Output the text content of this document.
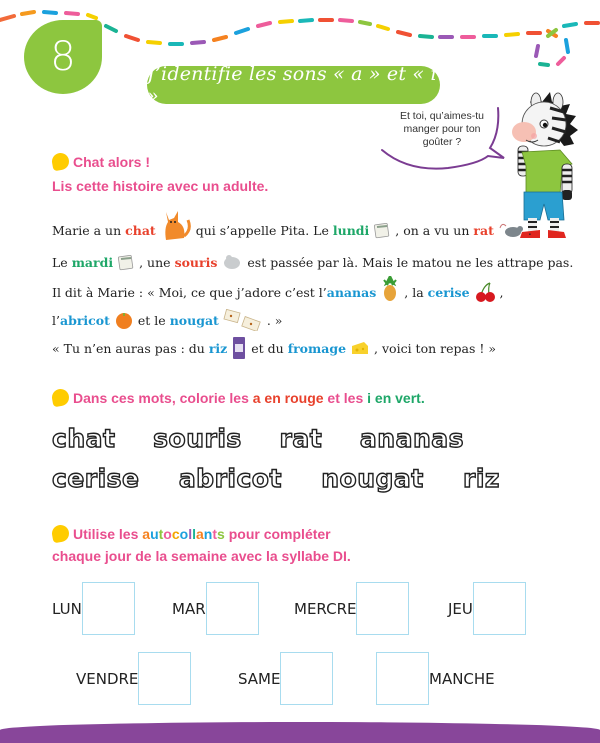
8	J’identifie les sons « a » et « i »
Et toi, qu’aimes-tu
manger pour ton
goûter ?
Chat alors !
Lis cette histoire avec un adulte.
Marie a un chat	qui s’appelle Pita. Le lundi , on a vu un rat	.
Le mardi , une souris est passée par là. Mais le matou ne les attrape pas.
Il dit à Marie : « Moi, ce que j’adore c’est l’ ananas , la cerise ,
l’ abricot et le nougat	. »
« Tu n’en auras pas : du riz et du fromage , voici ton repas ! »
Dans ces mots, colorie les a en rouge et les i en vert.
chat souris rat ananas
cerise abricot nougat riz
Utilise les autocollants pour compléter
chaque jour de la semaine avec la syllabe DI.
LUN	MAR	MERCRE	JEU
VENDRE	SAME	MANCHE
